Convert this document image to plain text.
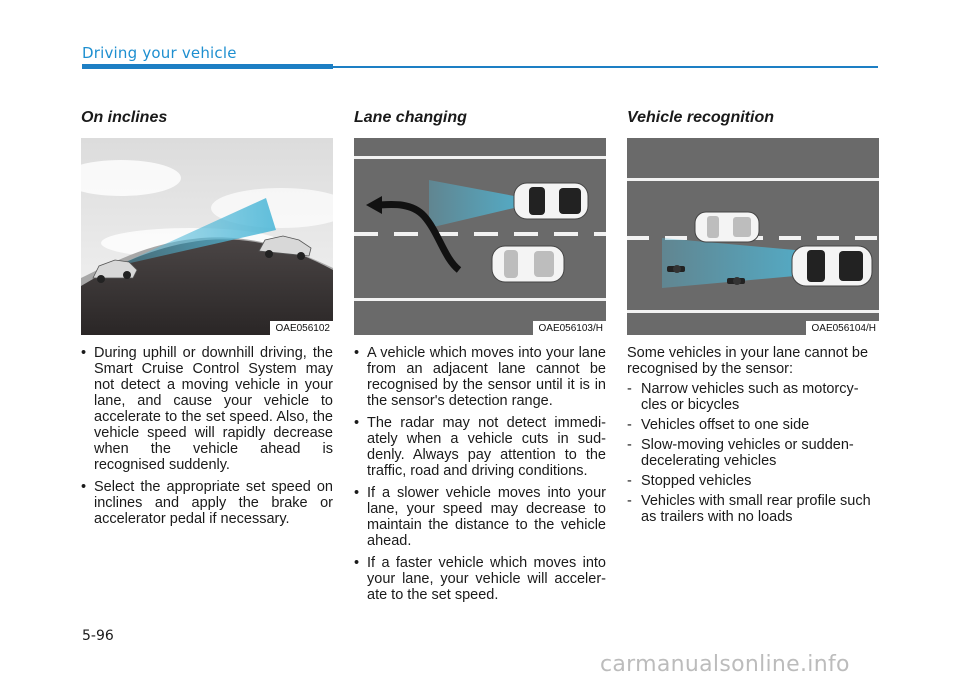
Driving your vehicle
On inclines
OAE056102
• During uphill or downhill driving, the Smart Cruise Control System may not detect a moving vehicle in your lane, and cause your vehicle to accelerate to the set speed. Also, the vehicle speed will rapidly decrease when the vehicle ahead is recognised suddenly.
• Select the appropriate set speed on inclines and apply the brake or accelerator pedal if necessary.
Lane changing
OAE056103/H
• A vehicle which moves into your lane from an adjacent lane cannot be recognised by the sensor until it is in the sensor's detection range.
• The radar may not detect immedi-ately when a vehicle cuts in sud-denly. Always pay attention to the traffic, road and driving conditions.
• If a slower vehicle moves into your lane, your speed may decrease to maintain the distance to the vehicle ahead.
• If a faster vehicle which moves into your lane, your vehicle will acceler-ate to the set speed.
Vehicle recognition
OAE056104/H
Some vehicles in your lane cannot be recognised by the sensor:
- Narrow vehicles such as motorcy-cles or bicycles
- Vehicles offset to one side
- Slow-moving vehicles or sudden-decelerating vehicles
- Stopped vehicles
- Vehicles with small rear profile such as trailers with no loads
5-96
carmanualsonline.info
